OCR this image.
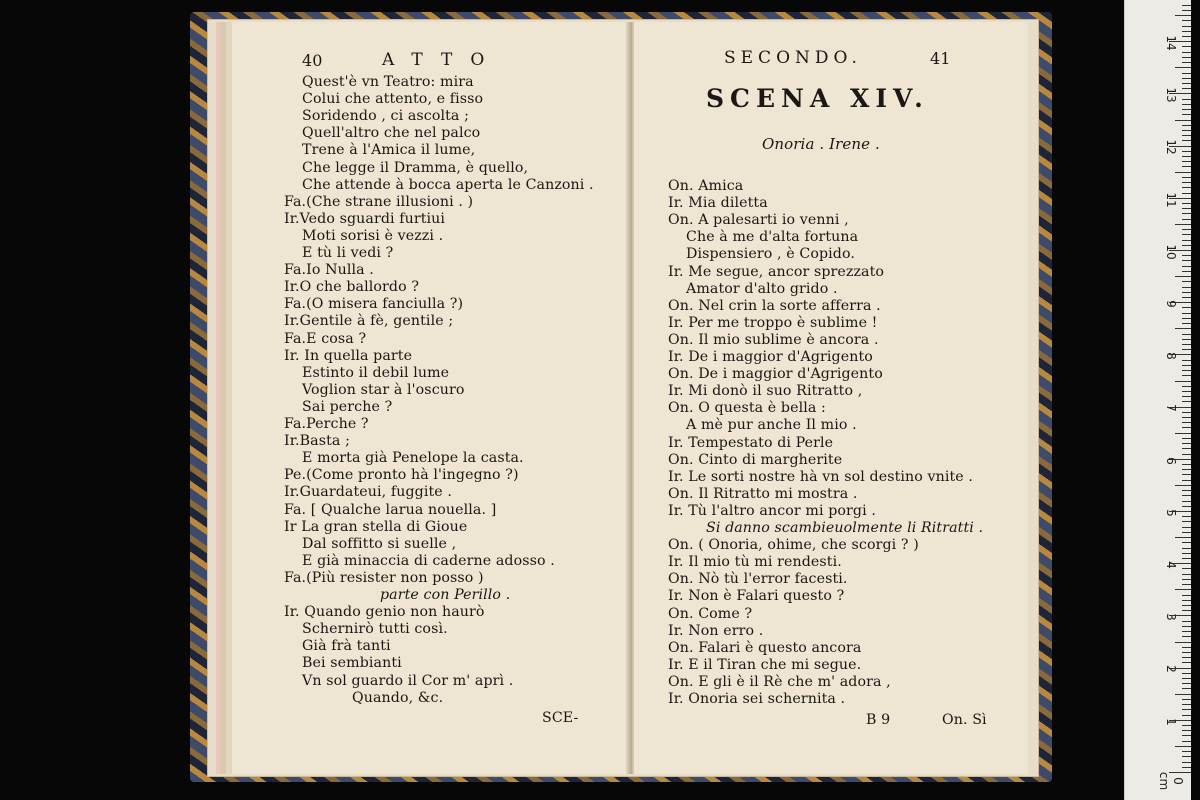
40	ATTO
Quest'è vn Teatro: mira
Colui che attento, e fisso
Soridendo , ci ascolta ;
Quell'altro che nel palco
Trene à l'Amica il lume,
Che legge il Dramma, è quello,
Che attende à bocca aperta le Canzoni .
Fa.(Che strane illusioni . )
Ir.Vedo sguardi furtiui
Moti sorisi è vezzi .
E tù li vedi ?
Fa.Io Nulla .
Ir.O che ballordo ?
Fa.(O misera fanciulla ?)
Ir.Gentile à fè, gentile ;
Fa.E cosa ?
Ir. In quella parte
Estinto il debil lume
Voglion star à l'oscuro
Sai perche ?
Fa.Perche ?
Ir.Basta ;
E morta già Penelope la casta.
Pe.(Come pronto hà l'ingegno ?)
Ir.Guardateui, fuggite .
Fa. [ Qualche larua nouella. ]
Ir La gran stella di Gioue
Dal soffitto si suelle ,
E già minaccia di caderne adosso .
Fa.(Più resister non posso )
parte con Perillo .
Ir. Quando genio non haurò
Schernirò tutti così.
Già frà tanti
Bei sembianti
Vn sol guardo il Cor m' aprì .
Quando, &c.
SCE-
SECONDO.	41
SCENA XIV.
Onoria . Irene .
On. Amica
Ir. Mia diletta
On. A palesarti io venni ,
Che à me d'alta fortuna
Dispensiero , è Copido.
Ir. Me segue, ancor sprezzato
Amator d'alto grido .
On. Nel crin la sorte afferra .
Ir. Per me troppo è sublime !
On. Il mio sublime è ancora .
Ir. De i maggior d'Agrigento
On. De i maggior d'Agrigento
Ir. Mi donò il suo Ritratto ,
On. O questa è bella :
A mè pur anche Il mio .
Ir. Tempestato di Perle
On. Cinto di margherite
Ir. Le sorti nostre hà vn sol destino vnite .
On. Il Ritratto mi mostra .
Ir. Tù l'altro ancor mi porgi .
Si danno scambieuolmente li Ritratti .
On. ( Onoria, ohime, che scorgi ? )
Ir. Il mio tù mi rendesti.
On. Nò tù l'error facesti.
Ir. Non è Falari questo ?
On. Come ?
Ir. Non erro .
On. Falari è questo ancora
Ir. E il Tiran che mi segue.
On. E gli è il Rè che m' adora ,
Ir. Onoria sei schernita .
B 9	On. Sì
14
13
12
11
10
9
8
7
6
5
4
3
2
1
0 cm
